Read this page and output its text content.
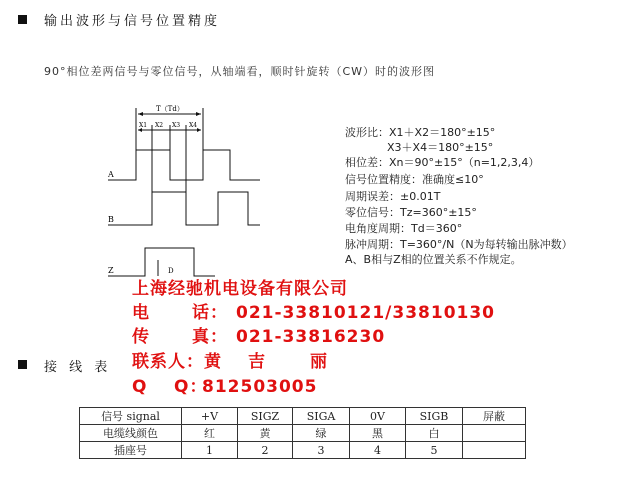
输出波形与信号位置精度
90°相位差两信号与零位信号，从轴端看，顺时针旋转（CW）时的波形图
T（Td）
X1 X2 X3 X4
A
B
Z	D
波形比：X1＋X2＝180°±15°
X3＋X4＝180°±15°
相位差：Xn＝90°±15°（n=1,2,3,4）
信号位置精度：准确度≤10°
周期误差：±0.01T
零位信号：Tz=360°±15°
电角度周期：Td＝360°
脉冲周期：T=360°/N（N为每转输出脉冲数）
A、B相与Z相的位置关系不作规定。
上海经驰机电设备有限公司
电 话： 021-33810121/33810130
传 真： 021-33816230
联系人：黄 吉	丽
Q Q：812503005
接 线 表
信号 signal	+V	SIGZ	SIGA	0V	SIGB	屏蔽
电缆线颜色	红	黄	绿	黑	白	
插座号	1	2	3	4	5	
